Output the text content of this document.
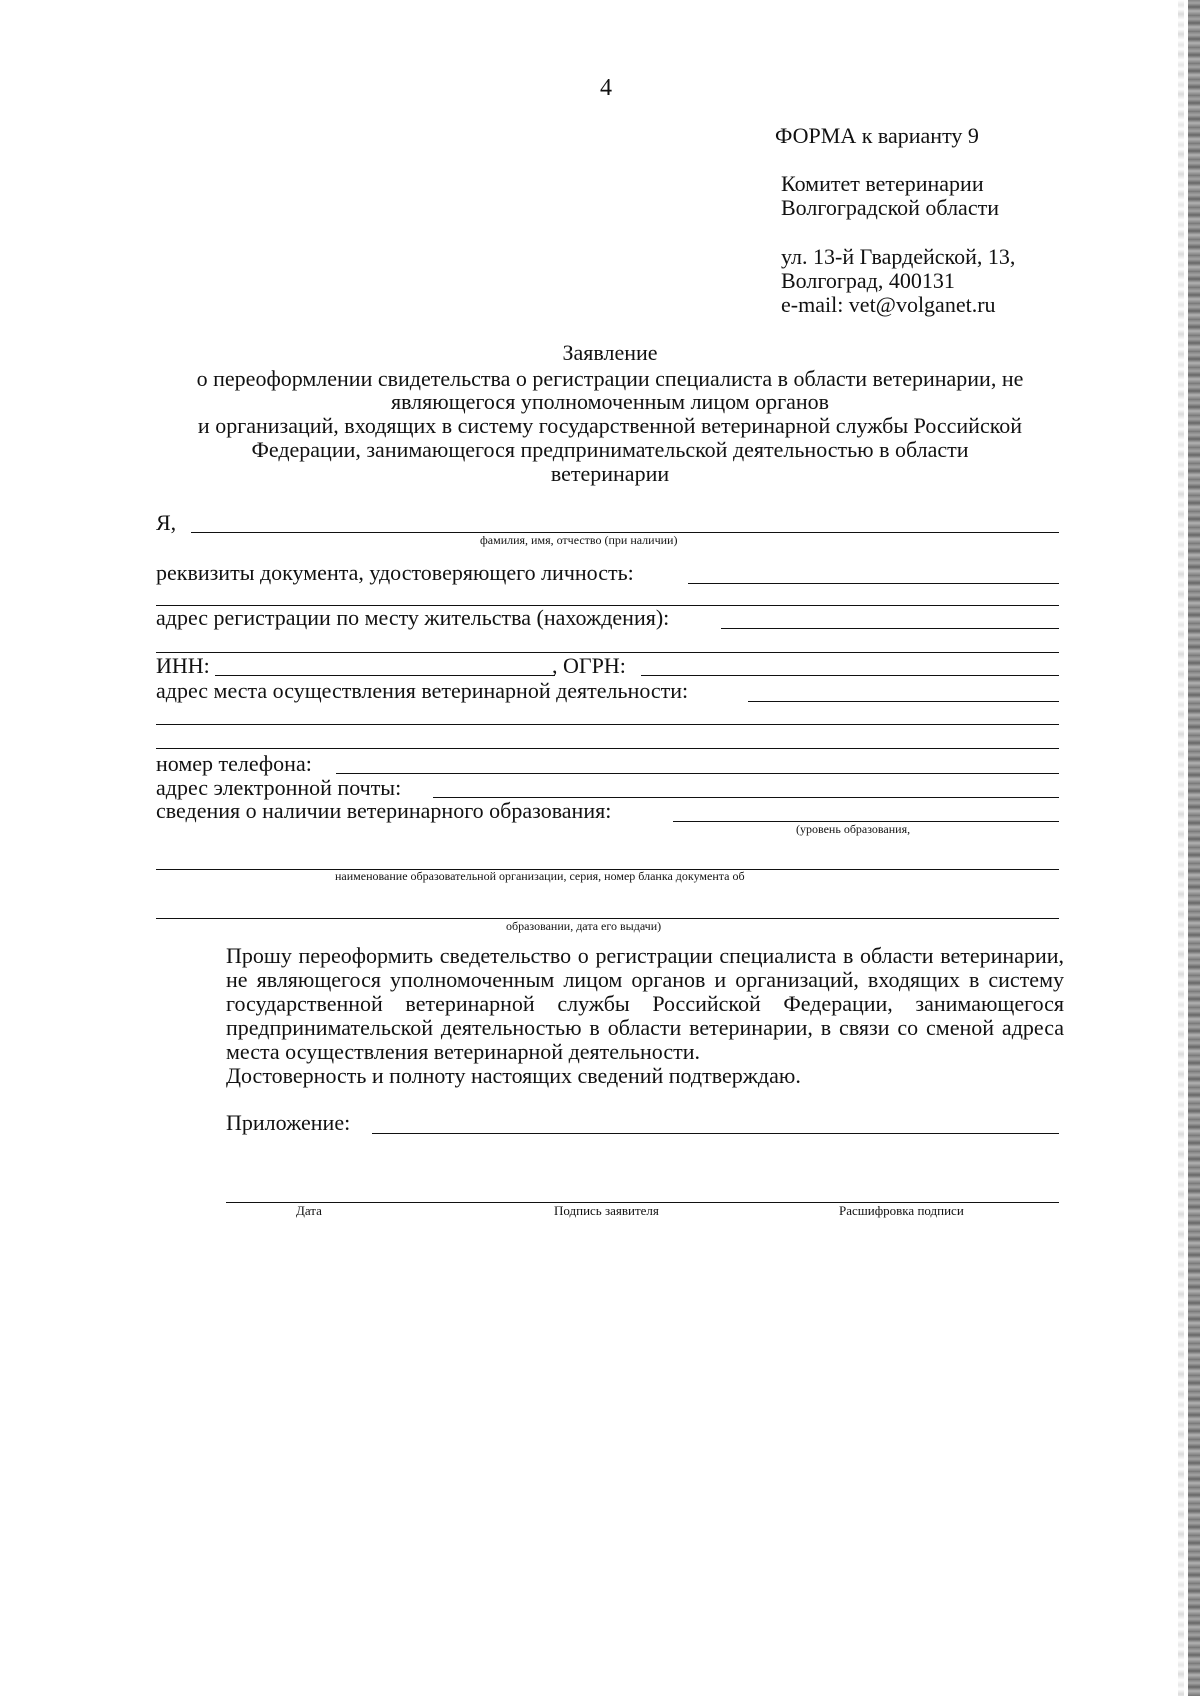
4
ФОРМА к варианту 9
Комитет ветеринарии
Волгоградской области
ул. 13-й Гвардейской, 13,
Волгоград, 400131
e-mail: vet@volganet.ru
Заявление
о переоформлении свидетельства о регистрации специалиста в области ветеринарии, не
являющегося уполномоченным лицом органов
и организаций, входящих в систему государственной ветеринарной службы Российской
Федерации, занимающегося предпринимательской деятельностью в области
ветеринарии
Я,
фамилия, имя, отчество (при наличии)
реквизиты документа, удостоверяющего личность:
адрес регистрации по месту жительства (нахождения):
ИНН:	, ОГРН:
адрес места осуществления ветеринарной деятельности:
номер телефона:
адрес электронной почты:
сведения о наличии ветеринарного образования:
(уровень образования,
наименование образовательной организации, серия, номер бланка документа об
образовании, дата его выдачи)
Прошу переоформить сведетельство о регистрации специалиста в области ветеринарии, не являющегося уполномоченным лицом органов и организаций, входящих в систему государственной ветеринарной службы Российской Федерации, занимающегося предпринимательской деятельностью в области ветеринарии, в связи со сменой адреса места осуществления ветеринарной деятельности.
Достоверность и полноту настоящих сведений подтверждаю.
Приложение:
Дата	Подпись заявителя	Расшифровка подписи
